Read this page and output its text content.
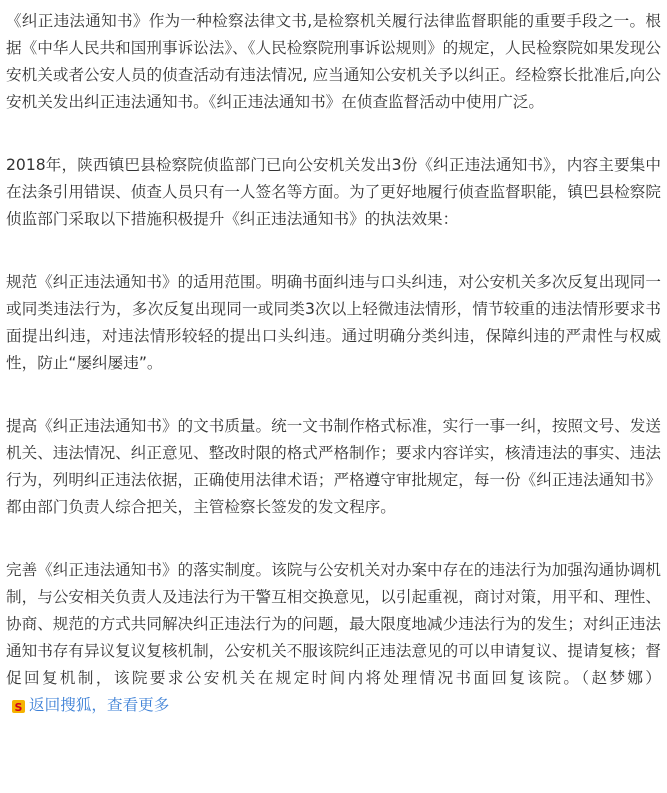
《纠正违法通知书》作为一种检察法律文书,是检察机关履行法律监督职能的重要手段之一。根据《中华人民共和国刑事诉讼法》、《人民检察院刑事诉讼规则》的规定，人民检察院如果发现公安机关或者公安人员的侦查活动有违法情况, 应当通知公安机关予以纠正。经检察长批准后,向公安机关发出纠正违法通知书。《纠正违法通知书》在侦查监督活动中使用广泛。

2018年，陕西镇巴县检察院侦监部门已向公安机关发出3份《纠正违法通知书》，内容主要集中在法条引用错误、侦查人员只有一人签名等方面。为了更好地履行侦查监督职能，镇巴县检察院侦监部门采取以下措施积极提升《纠正违法通知书》的执法效果：

规范《纠正违法通知书》的适用范围。明确书面纠违与口头纠违，对公安机关多次反复出现同一或同类违法行为，多次反复出现同一或同类3次以上轻微违法情形，情节较重的违法情形要求书面提出纠违，对违法情形较轻的提出口头纠违。通过明确分类纠违，保障纠违的严肃性与权威性，防止“屡纠屡违”。

提高《纠正违法通知书》的文书质量。统一文书制作格式标准，实行一事一纠，按照文号、发送机关、违法情况、纠正意见、整改时限的格式严格制作；要求内容详实，核清违法的事实、违法行为，列明纠正违法依据，正确使用法律术语；严格遵守审批规定，每一份《纠正违法通知书》都由部门负责人综合把关，主管检察长签发的发文程序。

完善《纠正违法通知书》的落实制度。该院与公安机关对办案中存在的违法行为加强沟通协调机制，与公安相关负责人及违法行为干警互相交换意见，以引起重视，商讨对策，用平和、理性、协商、规范的方式共同解决纠正违法行为的问题，最大限度地减少违法行为的发生；对纠正违法通知书存有异议复议复核机制，公安机关不服该院纠正违法意见的可以申请复议、提请复核；督促回复机制，该院要求公安机关在规定时间内将处理情况书面回复该院。（赵梦娜）
S
返回搜狐，查看更多
